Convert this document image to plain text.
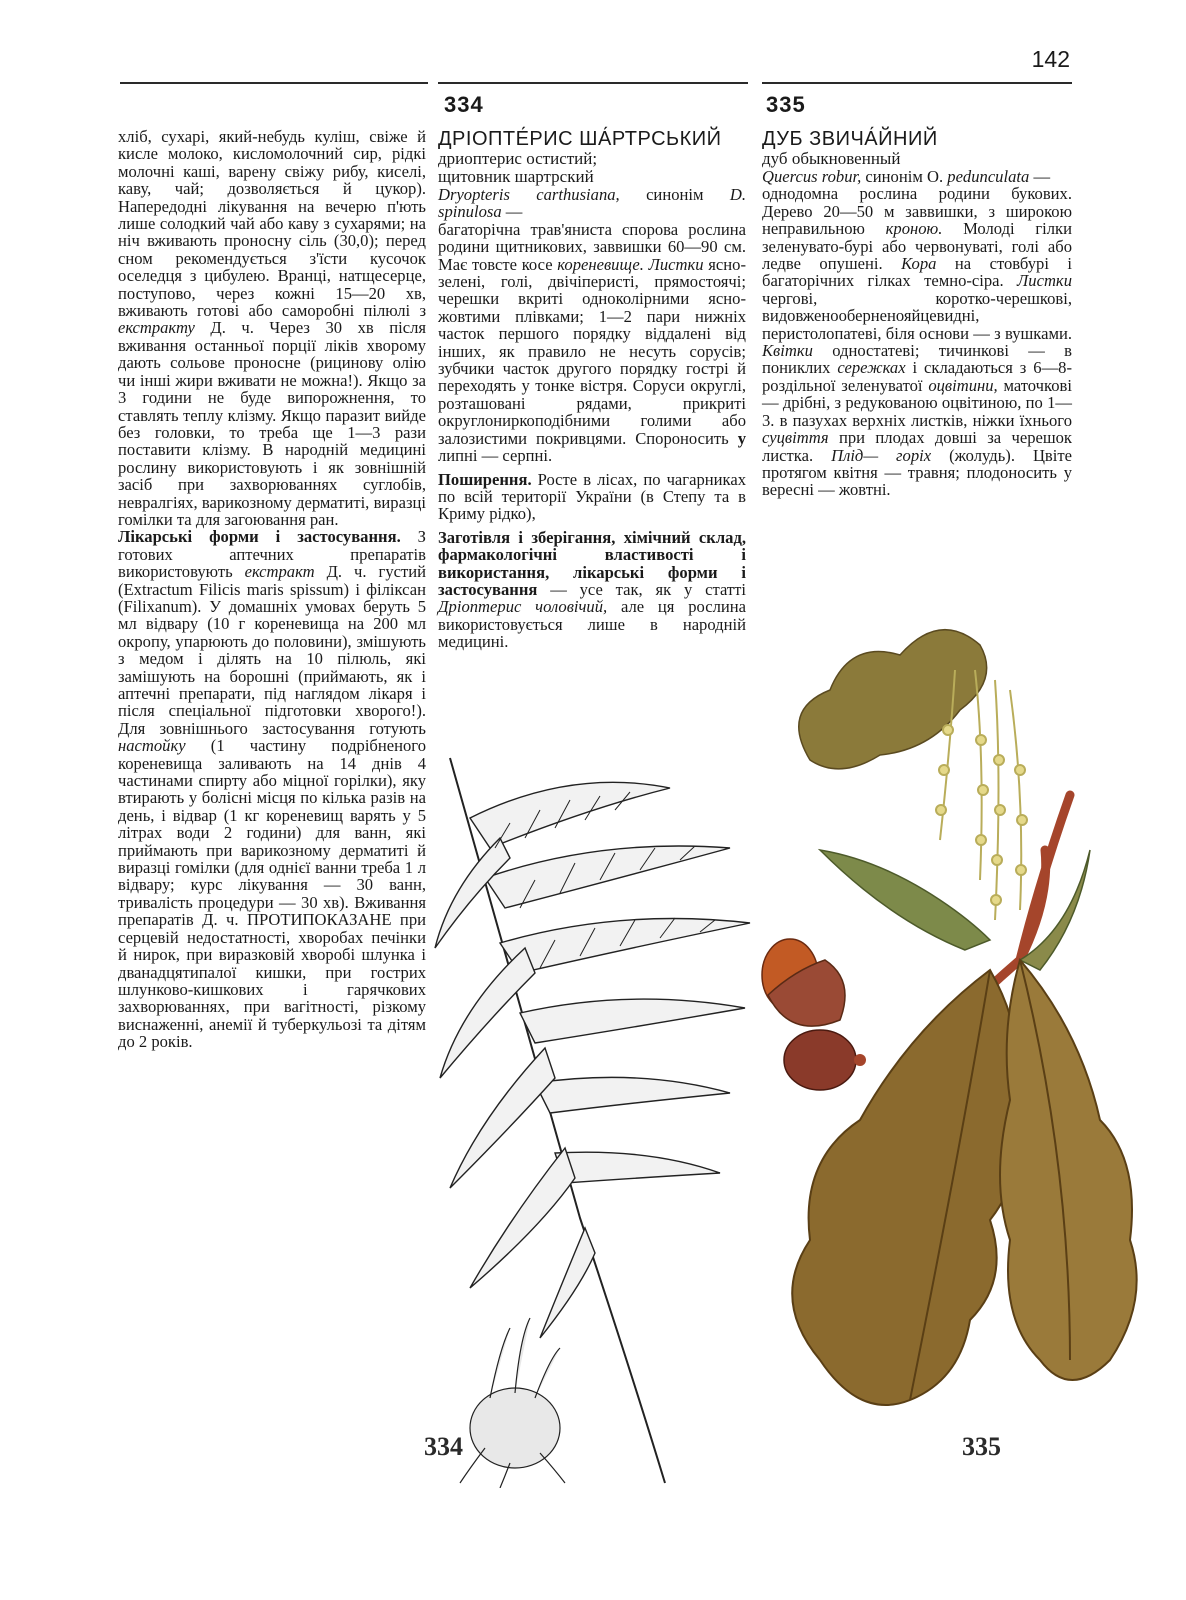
142
334	335

хліб, сухарі, який-небудь куліш, свіже й кисле молоко, кисломолочний сир, рідкі молочні каші, варену свіжу рибу, киселі, каву, чай; дозволяється й цукор). Напередодні лікування на вечерю п'ють лише солодкий чай або каву з сухарями; на ніч вживають проносну сіль (30,0); перед сном рекомендується з'їсти кусочок оселедця з цибулею. Вранці, натщесерце, поступово, через кожні 15—20 хв, вживають готові або саморобні пілюлі з екстракту Д. ч. Через 30 хв після вживання останньої порції ліків хворому дають сольове проносне (рицинову олію чи інші жири вживати не можна!). Якщо за 3 години не буде випорожнення, то ставлять теплу клізму. Якщо паразит вийде без головки, то треба ще 1—3 рази поставити клізму. В народній медицині рослину використовують і як зовнішній засіб при захворюваннях суглобів, невралгіях, варикозному дерматиті, виразці гомілки та для загоювання ран.

Лікарські форми і застосування. З готових аптечних препаратів використовують екстракт Д. ч. густий (Extractum Filicis maris spissum) і філіксан (Filixanum). У домашніх умовах беруть 5 мл відвару (10 г кореневища на 200 мл окропу, упарюють до половини), змішують з медом і ділять на 10 пілюль, які замішують на борошні (приймають, як і аптечні препарати, під наглядом лікаря і після спеціальної підготовки хворого!). Для зовнішнього застосування готують настойку (1 частину подрібненого кореневища заливають на 14 днів 4 частинами спирту або міцної горілки), яку втирають у болісні місця по кілька разів на день, і відвар (1 кг кореневищ варять у 5 літрах води 2 години) для ванн, які приймають при варикозному дерматиті й виразці гомілки (для однієї ванни треба 1 л відвару; курс лікування — 30 ванн, тривалість процедури — 30 хв). Вживання препаратів Д. ч. ПРОТИПОКАЗАНЕ при серцевій недостатності, хворобах печінки й нирок, при виразковій хворобі шлунка і дванадцятипалої кишки, при гострих шлунково-кишкових і гарячкових захворюваннях, при вагітності, різкому виснаженні, анемії й туберкульозі та дітям до 2 років.

ДРІОПТЕ́РИС ША́РТРСЬКИЙ

дриоптерис остистий;

щитовник шартрский

Dryopteris carthusiana, синонім D. spinulosa —

багаторічна трав'яниста спорова рослина родини щитникових, заввишки 60—90 см. Має товсте косе кореневище. Листки ясно-зелені, голі, двічіперисті, прямостоячі; черешки вкриті одноколірними ясно-жовтими плівками; 1—2 пари нижніх часток першого порядку віддалені від інших, як правило не несуть сорусів; зубчики часток другого порядку гострі й переходять у тонке вістря. Соруси округлі, розташовані рядами, прикриті округлониркоподібними голими або залозистими покривцями. Спороносить у липні — серпні.

Поширення. Росте в лісах, по чагарниках по всій території України (в Степу та в Криму рідко),

Заготівля і зберігання, хімічний склад, фармакологічні властивості і використання, лікарські форми і застосування — усе так, як у статті Дріоптерис чоловічий, але ця рослина використовується лише в народній медицині.

ДУБ ЗВИЧА́ЙНИЙ

дуб обыкновенный

Quercus robur, синонім O. pedunculata —

однодомна рослина родини букових. Дерево 20—50 м заввишки, з широкою неправильною кроною. Молоді гілки зеленувато-бурі або червонуваті, голі або ледве опушені. Кора на стовбурі і багаторічних гілках темно-сіра. Листки чергові, коротко-черешкові, видовженооберненояйцевидні, перистолопатеві, біля основи — з вушками. Квітки одностатеві; тичинкові — в пониклих сережках і складаються з 6—8-роздільної зеленуватої оцвітини, маточкові — дрібні, з редукованою оцвітиною, по 1—3. в пазухах верхніх листків, ніжки їхнього суцвіття при плодах довші за черешок листка. Плід— горіх (жолудь). Цвіте протягом квітня — травня; плодоносить у вересні — жовтні.

334	335
